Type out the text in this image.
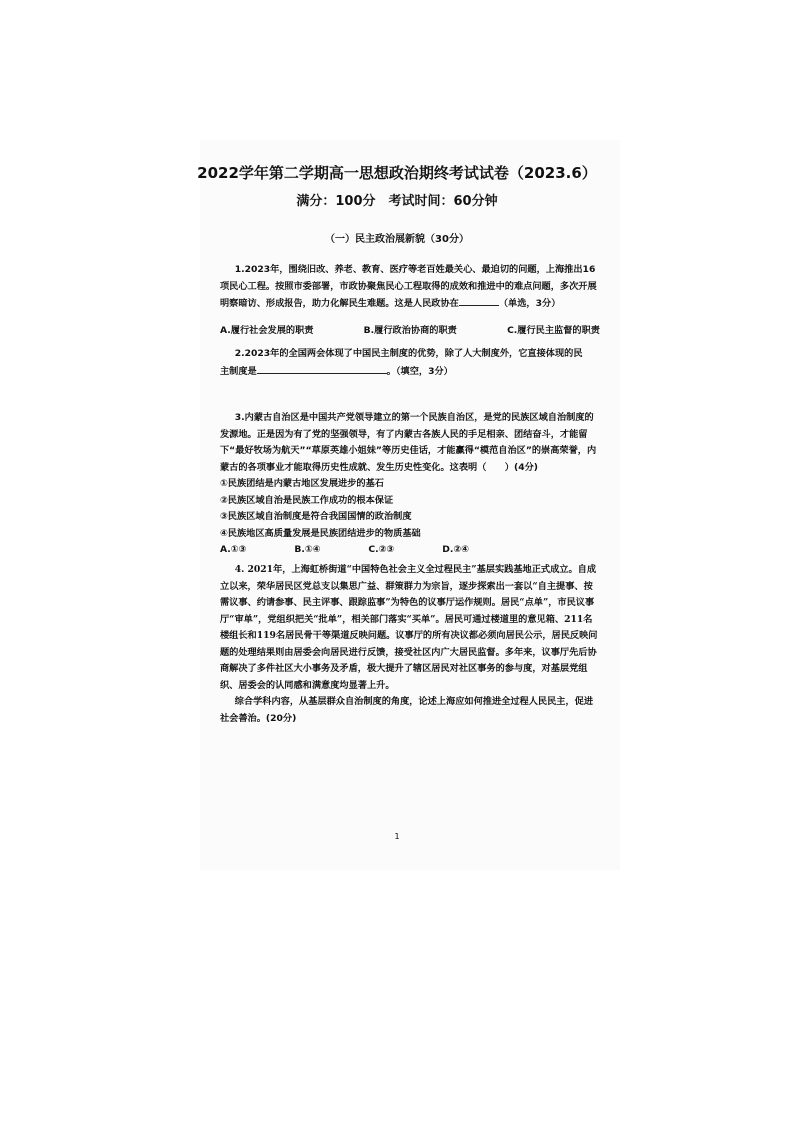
2022学年第二学期高一思想政治期终考试试卷（2023.6）
满分：100分　考试时间：60分钟
（一）民主政治展新貌（30分）

1.2023年，围绕旧改、养老、教育、医疗等老百姓最关心、最迫切的问题，上海推出16项民心工程。按照市委部署，市政协聚焦民心工程取得的成效和推进中的难点问题，多次开展明察暗访、形成报告，助力化解民生难题。这是人民政协在	（单选，3分）

A.履行社会发展的职责	B.履行政治协商的职责	C.履行民主监督的职责

2.2023年的全国两会体现了中国民主制度的优势，除了人大制度外，它直接体现的民

主制度是	。（填空，3分）

3.内蒙古自治区是中国共产党领导建立的第一个民族自治区，是党的民族区域自治制度的发源地。正是因为有了党的坚强领导，有了内蒙古各族人民的手足相亲、团结奋斗，才能留下“最好牧场为航天”“草原英雄小姐妹”等历史佳话，才能赢得“模范自治区”的崇高荣誉，内蒙古的各项事业才能取得历史性成就、发生历史性变化。这表明（　　）(4分)

①民族团结是内蒙古地区发展进步的基石

②民族区域自治是民族工作成功的根本保证

③民族区域自治制度是符合我国国情的政治制度

④民族地区高质量发展是民族团结进步的物质基础

A.①③	B.①④	C.②③	D.②④

4. 2021年，上海虹桥街道“中国特色社会主义全过程民主”基层实践基地正式成立。自成立以来，荣华居民区党总支以集思广益、群策群力为宗旨，逐步探索出一套以“自主提事、按需议事、约请参事、民主评事、跟踪监事”为特色的议事厅运作规则。居民“点单”，市民议事厅“审单”，党组织把关“批单”，相关部门落实“买单”。居民可通过楼道里的意见箱、211名楼组长和119名居民骨干等渠道反映问题。议事厅的所有决议都必须向居民公示，居民反映问题的处理结果则由居委会向居民进行反馈，接受社区内广大居民监督。多年来，议事厅先后协商解决了多件社区大小事务及矛盾，极大提升了辖区居民对社区事务的参与度，对基层党组织、居委会的认同感和满意度均显著上升。

综合学科内容，从基层群众自治制度的角度，论述上海应如何推进全过程人民民主，促进社会善治。(20分)

1
